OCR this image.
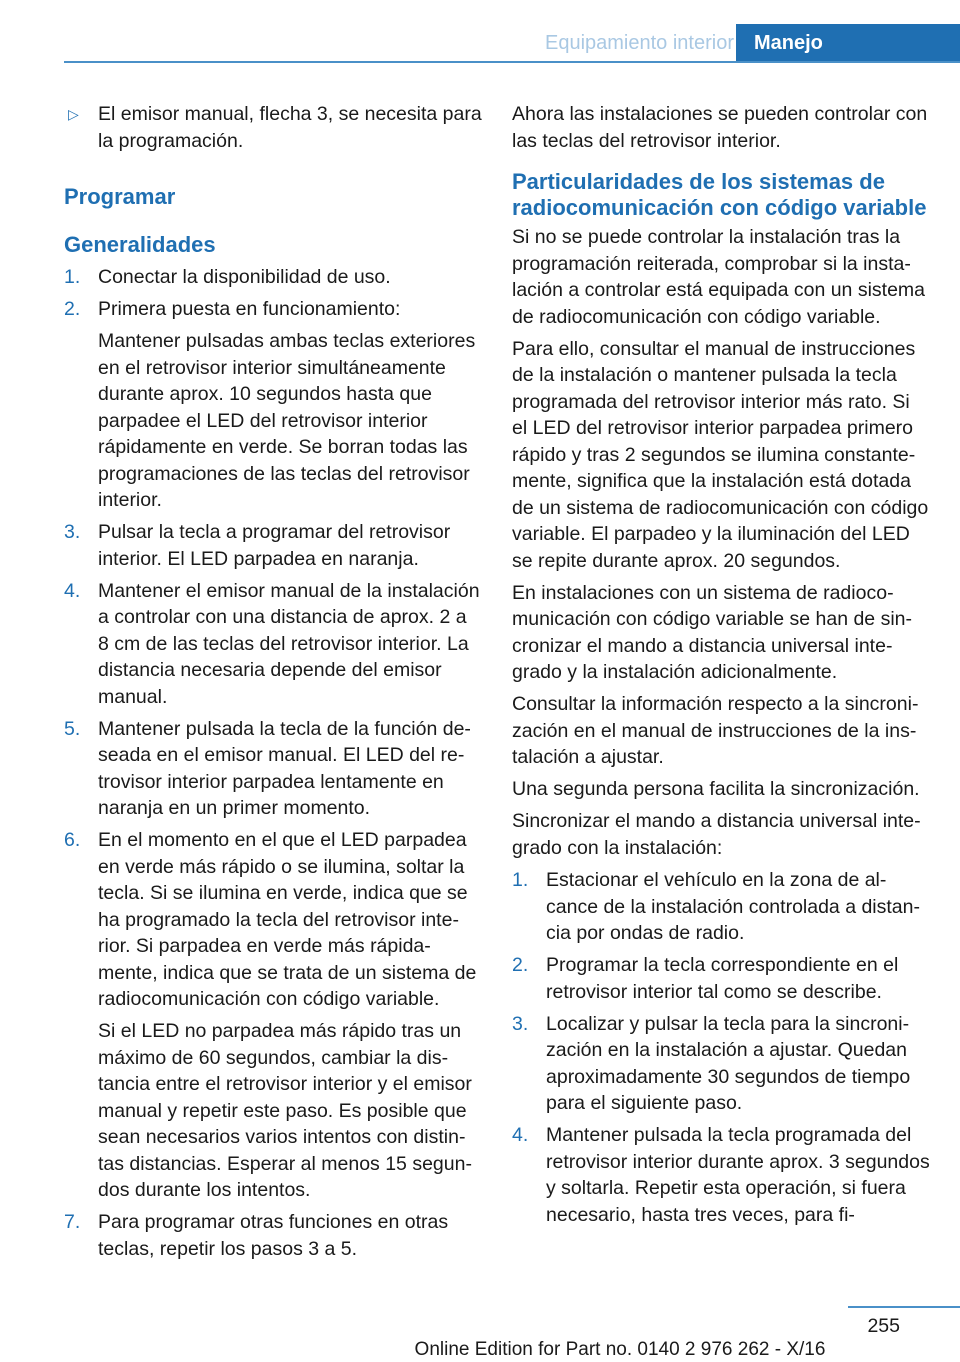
Equipamiento interior	Manejo
▷ El emisor manual, flecha 3, se necesita para la programación.
Programar
Generalidades
1. Conectar la disponibilidad de uso.
2. Primera puesta en funcionamiento:
Mantener pulsadas ambas teclas exteriores en el retrovisor interior simultáneamente durante aprox. 10 segundos hasta que parpadee el LED del retrovisor interior rápidamente en verde. Se borran todas las programaciones de las teclas del retrovisor interior.
3. Pulsar la tecla a programar del retrovisor interior. El LED parpadea en naranja.
4. Mantener el emisor manual de la instalación a controlar con una distancia de aprox. 2 a 8 cm de las teclas del retrovisor interior. La distancia necesaria depende del emisor manual.
5. Mantener pulsada la tecla de la función deseada en el emisor manual. El LED del retrovisor interior parpadea lentamente en naranja en un primer momento.
6. En el momento en el que el LED parpadea en verde más rápido o se ilumina, soltar la tecla. Si se ilumina en verde, indica que se ha programado la tecla del retrovisor interior. Si parpadea en verde más rápidamente, indica que se trata de un sistema de radiocomunicación con código variable.
Si el LED no parpadea más rápido tras un máximo de 60 segundos, cambiar la distancia entre el retrovisor interior y el emisor manual y repetir este paso. Es posible que sean necesarios varios intentos con distintas distancias. Esperar al menos 15 segundos durante los intentos.
7. Para programar otras funciones en otras teclas, repetir los pasos 3 a 5.
Ahora las instalaciones se pueden controlar con las teclas del retrovisor interior.
Particularidades de los sistemas de radiocomunicación con código variable
Si no se puede controlar la instalación tras la programación reiterada, comprobar si la instalación a controlar está equipada con un sistema de radiocomunicación con código variable.
Para ello, consultar el manual de instrucciones de la instalación o mantener pulsada la tecla programada del retrovisor interior más rato. Si el LED del retrovisor interior parpadea primero rápido y tras 2 segundos se ilumina constantemente, significa que la instalación está dotada de un sistema de radiocomunicación con código variable. El parpadeo y la iluminación del LED se repite durante aprox. 20 segundos.
En instalaciones con un sistema de radiocomunicación con código variable se han de sincronizar el mando a distancia universal integrado y la instalación adicionalmente.
Consultar la información respecto a la sincronización en el manual de instrucciones de la instalación a ajustar.
Una segunda persona facilita la sincronización.
Sincronizar el mando a distancia universal integrado con la instalación:
1. Estacionar el vehículo en la zona de alcance de la instalación controlada a distancia por ondas de radio.
2. Programar la tecla correspondiente en el retrovisor interior tal como se describe.
3. Localizar y pulsar la tecla para la sincronización en la instalación a ajustar. Quedan aproximadamente 30 segundos de tiempo para el siguiente paso.
4. Mantener pulsada la tecla programada del retrovisor interior durante aprox. 3 segundos y soltarla. Repetir esta operación, si fuera necesario, hasta tres veces, para fi-
255
Online Edition for Part no. 0140 2 976 262 - X/16
